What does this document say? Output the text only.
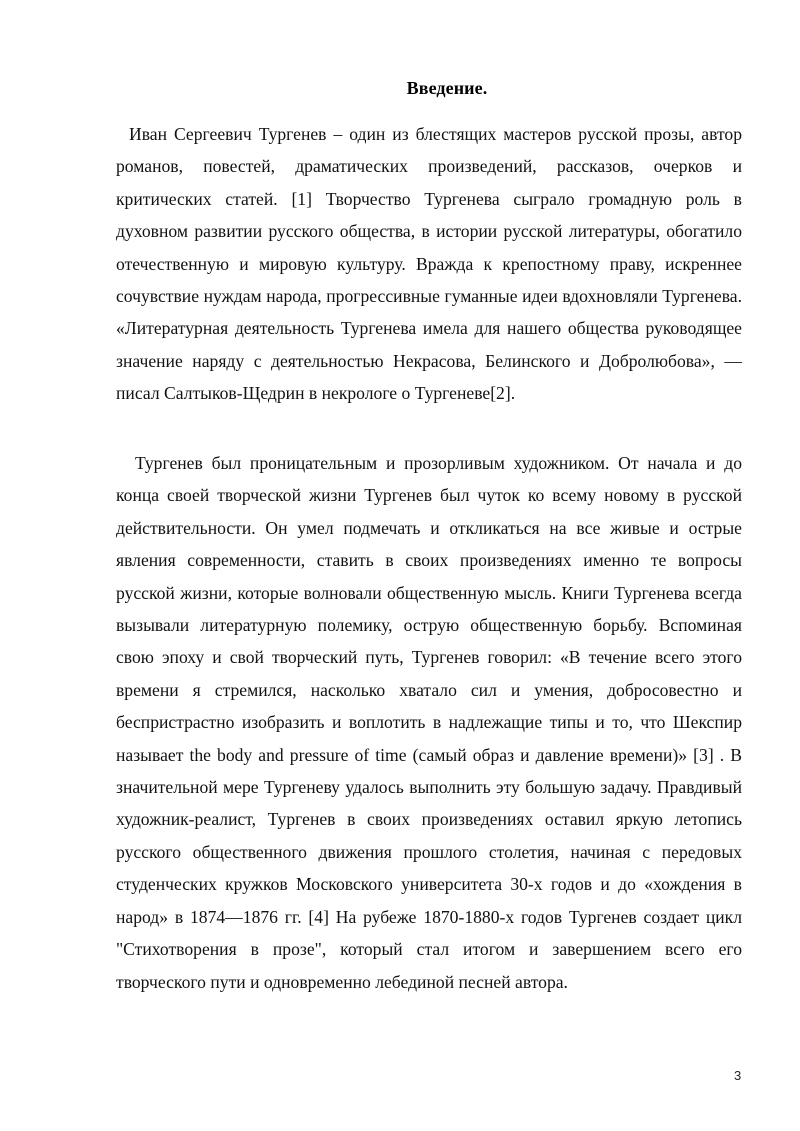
Введение.

Иван Сергеевич Тургенев – один из блестящих мастеров русской прозы, автор романов, повестей, драматических произведений, рассказов, очерков и критических статей. [1] Творчество Тургенева сыграло громадную роль в духовном развитии русского общества, в истории русской литературы, обогатило отечественную и мировую культуру. Вражда к крепостному праву, искреннее сочувствие нуждам народа, прогрессивные гуманные идеи вдохновляли Тургенева. «Литературная деятельность Тургенева имела для нашего общества руководящее значение наряду с деятельностью Некрасова, Белинского и Добролюбова», — писал Салтыков-Щедрин в некрологе о Тургеневе[2].

Тургенев был проницательным и прозорливым художником. От начала и до конца своей творческой жизни Тургенев был чуток ко всему новому в русской действительности. Он умел подмечать и откликаться на все живые и острые явления современности, ставить в своих произведениях именно те вопросы русской жизни, которые волновали общественную мысль. Книги Тургенева всегда вызывали литературную полемику, острую общественную борьбу. Вспоминая свою эпоху и свой творческий путь, Тургенев говорил: «В течение всего этого времени я стремился, насколько хватало сил и умения, добросовестно и беспристрастно изобразить и воплотить в надлежащие типы и то, что Шекспир называет the body and pressure of time (самый образ и давление времени)» [3] . В значительной мере Тургеневу удалось выполнить эту большую задачу. Правдивый художник-реалист, Тургенев в своих произведениях оставил яркую летопись русского общественного движения прошлого столетия, начиная с передовых студенческих кружков Московского университета 30-х годов и до «хождения в народ» в 1874—1876 гг. [4] На рубеже 1870-1880-х годов Тургенев создает цикл "Стихотворения в прозе", который стал итогом и завершением всего его творческого пути и одновременно лебединой песней автора.

3
